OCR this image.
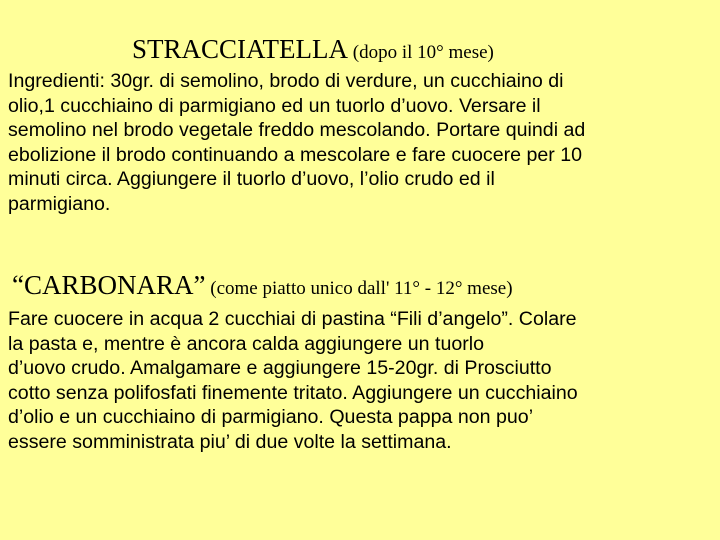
STRACCIATELLA (dopo il 10° mese)

Ingredienti: 30gr. di semolino, brodo di verdure, un cucchiaino di
olio,1 cucchiaino di parmigiano ed un tuorlo d’uovo. Versare il
semolino nel brodo vegetale freddo mescolando. Portare quindi ad
ebolizione il brodo continuando a mescolare e fare cuocere per 10
minuti circa. Aggiungere il tuorlo d’uovo, l’olio crudo ed il
parmigiano.

“CARBONARA” (come piatto unico dall' 11° - 12° mese)

Fare cuocere in acqua 2 cucchiai di pastina “Fili d’angelo”. Colare
la pasta e, mentre è ancora calda aggiungere un tuorlo
d’uovo crudo. Amalgamare e aggiungere 15-20gr. di Prosciutto
cotto senza polifosfati finemente tritato. Aggiungere un cucchiaino
d’olio e un cucchiaino di parmigiano. Questa pappa non puo’
essere somministrata piu’ di due volte la settimana.
